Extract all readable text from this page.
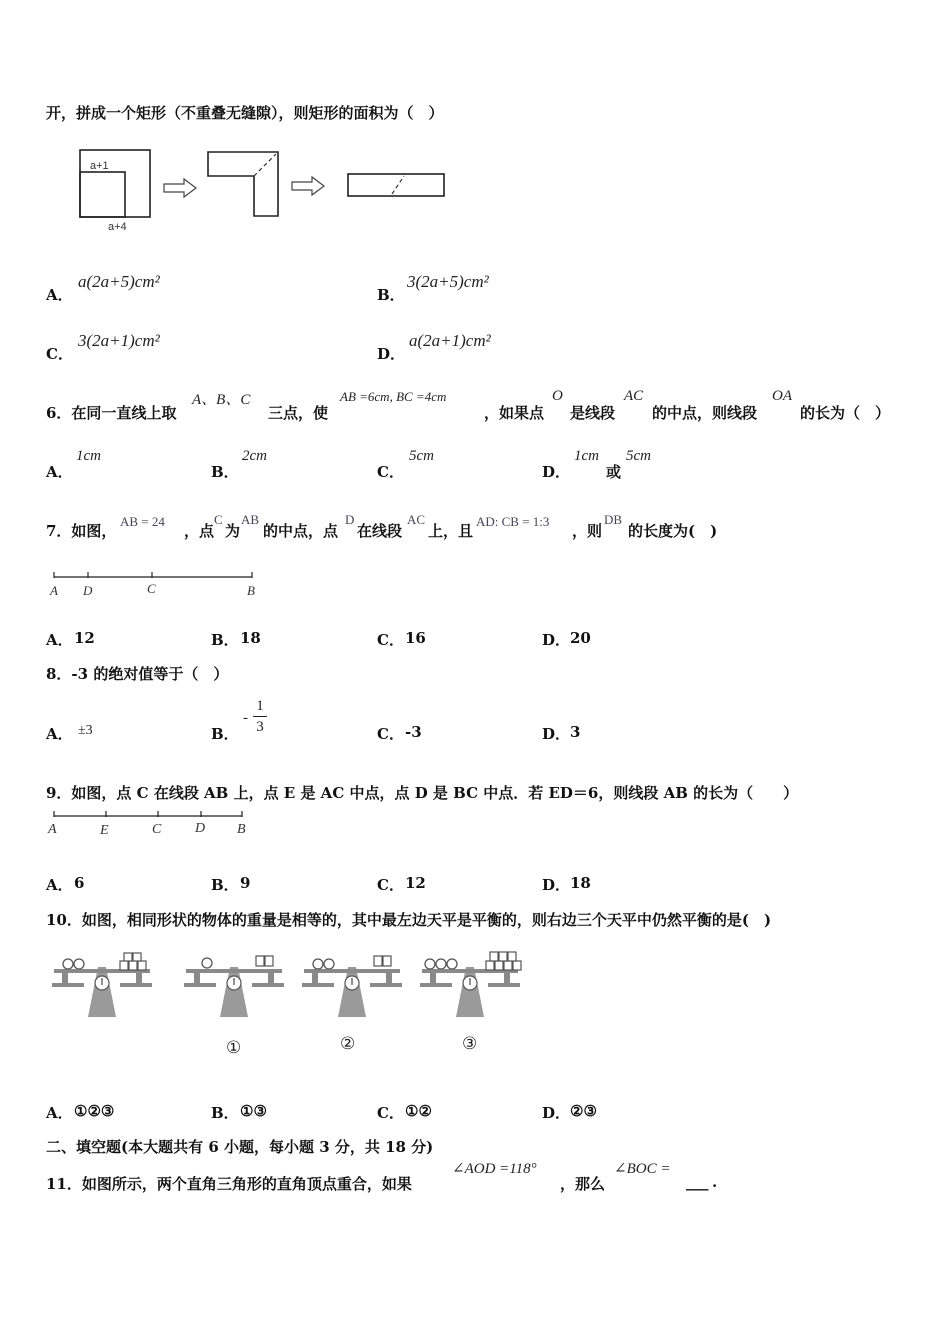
开，拼成一个矩形（不重叠无缝隙），则矩形的面积为（　）
a+1
a+4
A．
a(2a+5)cm²
B．
3(2a+5)cm²
C．
3(2a+1)cm²
D．
a(2a+1)cm²
6．在同一直线上取
A、B、C
三点，使
AB =6cm, BC =4cm
，如果点
O
是线段
AC
的中点，则线段
OA
的长为（　）
A．
1cm
B．
2cm
C．
5cm
D．
1cm
或
5cm
7．如图，
AB = 24
，点
C
为
AB
的中点，点
D
在线段
AC
上，且
AD: CB = 1:3
，则
DB
的长度为(　)
A D	C	B
A． 12	B． 18	C． 16	D． 20
8．-3 的绝对值等于（　）
A． ±3	B．
-
1
3	C． -3	D． 3
9．如图，点 C 在线段 AB 上，点 E 是 AC 中点，点 D 是 BC 中点．若 ED＝6，则线段 AB 的长为（　　）
A	E	C D B
A． 6	B． 9	C． 12	D． 18
10．如图，相同形状的物体的重量是相等的，其中最左边天平是平衡的，则右边三个天平中仍然平衡的是(　)
①	②	③
A． ①②③	B． ①③	C． ①②	D． ②③
二、填空题(本大题共有 6 小题，每小题 3 分，共 18 分)
11．如图所示，两个直角三角形的直角顶点重合，如果
∠AOD =118°
，那么
∠BOC =
___ .
